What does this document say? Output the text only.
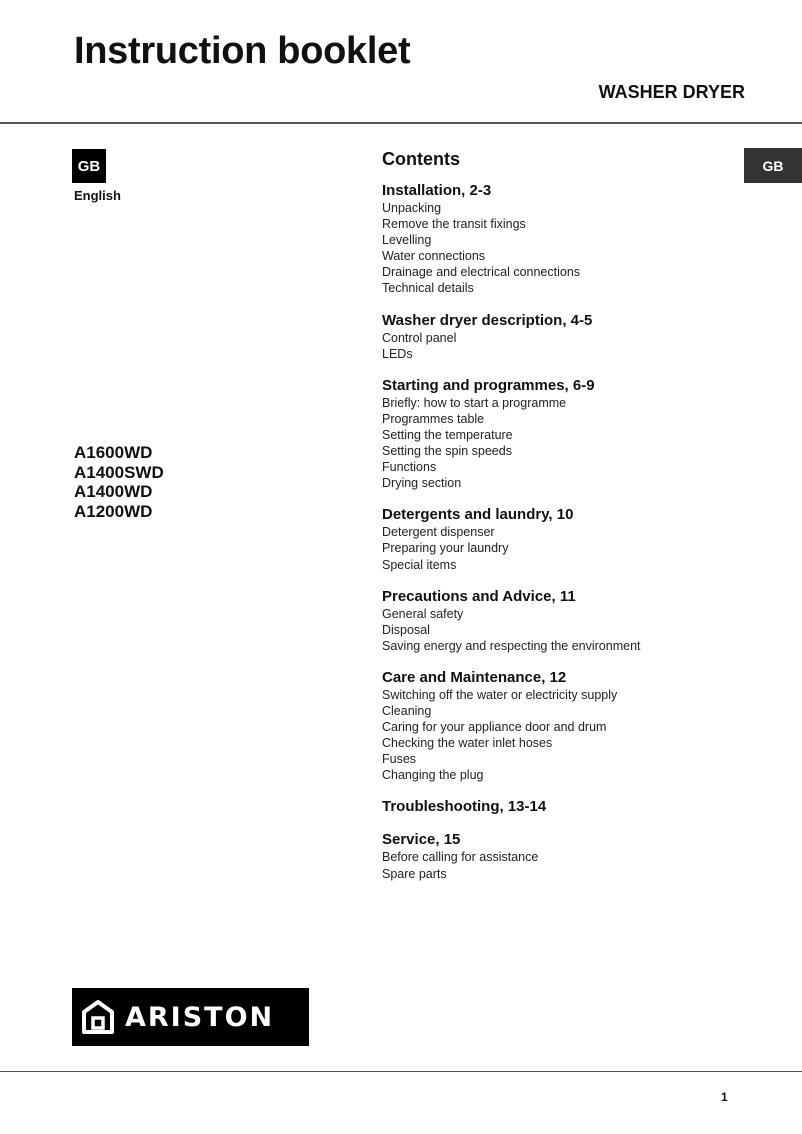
Instruction booklet
WASHER DRYER
GB
English
GB
A1600WD
A1400SWD
A1400WD
A1200WD
Contents
Installation, 2-3
Unpacking
Remove the transit fixings
Levelling
Water connections
Drainage and electrical connections
Technical details
Washer dryer description, 4-5
Control panel
LEDs
Starting and programmes, 6-9
Briefly: how to start a programme
Programmes table
Setting the temperature
Setting the spin speeds
Functions
Drying section
Detergents and laundry, 10
Detergent dispenser
Preparing your laundry
Special items
Precautions and Advice, 11
General safety
Disposal
Saving energy and respecting the environment
Care and Maintenance, 12
Switching off the water or electricity supply
Cleaning
Caring for your appliance door and drum
Checking the water inlet hoses
Fuses
Changing the plug
Troubleshooting, 13-14
Service, 15
Before calling for assistance
Spare parts
ARISTON
1
